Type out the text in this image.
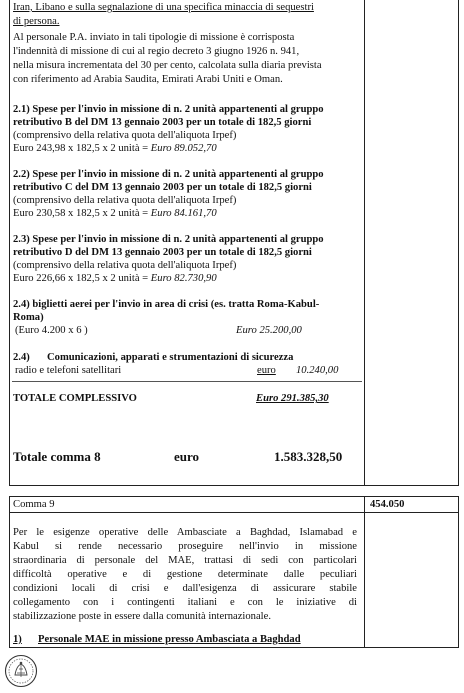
Iran, Libano e sulla segnalazione di una specifica minaccia di sequestri
di persona.
Al personale P.A. inviato in tali tipologie di missione è corrisposta
l'indennità di missione di cui al regio decreto 3 giugno 1926 n. 941,
nella misura incrementata del 30 per cento, calcolata sulla diaria prevista
con riferimento ad Arabia Saudita, Emirati Arabi Uniti e Oman.
2.1) Spese per l'invio in missione di n. 2 unità appartenenti al gruppo
retributivo B del DM 13 gennaio 2003 per un totale di 182,5 giorni
(comprensivo della relativa quota dell'aliquota Irpef)
Euro 243,98 x 182,5 x 2 unità = Euro 89.052,70
2.2) Spese per l'invio in missione di n. 2 unità appartenenti al gruppo
retributivo C del DM 13 gennaio 2003 per un totale di 182,5 giorni
(comprensivo della relativa quota dell'aliquota Irpef)
Euro 230,58 x 182,5 x 2 unità = Euro 84.161,70
2.3) Spese per l'invio in missione di n. 2 unità appartenenti al gruppo
retributivo D del DM 13 gennaio 2003 per un totale di 182,5 giorni
(comprensivo della relativa quota dell'aliquota Irpef)
Euro 226,66 x 182,5 x 2 unità = Euro 82.730,90
2.4) biglietti aerei per l'invio in area di crisi (es. tratta Roma-Kabul-
Roma)
(Euro 4.200 x 6 )	Euro 25.200,00
2.4) Comunicazioni, apparati e strumentazioni di sicurezza
radio e telefoni satellitari	euro 10.240,00
TOTALE COMPLESSIVO	Euro 291.385,30
Totale comma 8	euro	1.583.328,50
Comma 9	454.050
Per le esigenze operative delle Ambasciate a Baghdad, Islamabad e
Kabul si rende necessario proseguire nell'invio in missione
straordinaria di personale del MAE, trattasi di sedi con particolari
difficoltà operative e di gestione determinate dalle peculiari
condizioni locali di crisi e dall'esigenza di assicurare stabile
collegamento con i contingenti italiani e con le iniziative di
stabilizzazione poste in essere dalla comunità internazionale.
1) Personale MAE in missione presso Ambasciata a Baghdad
